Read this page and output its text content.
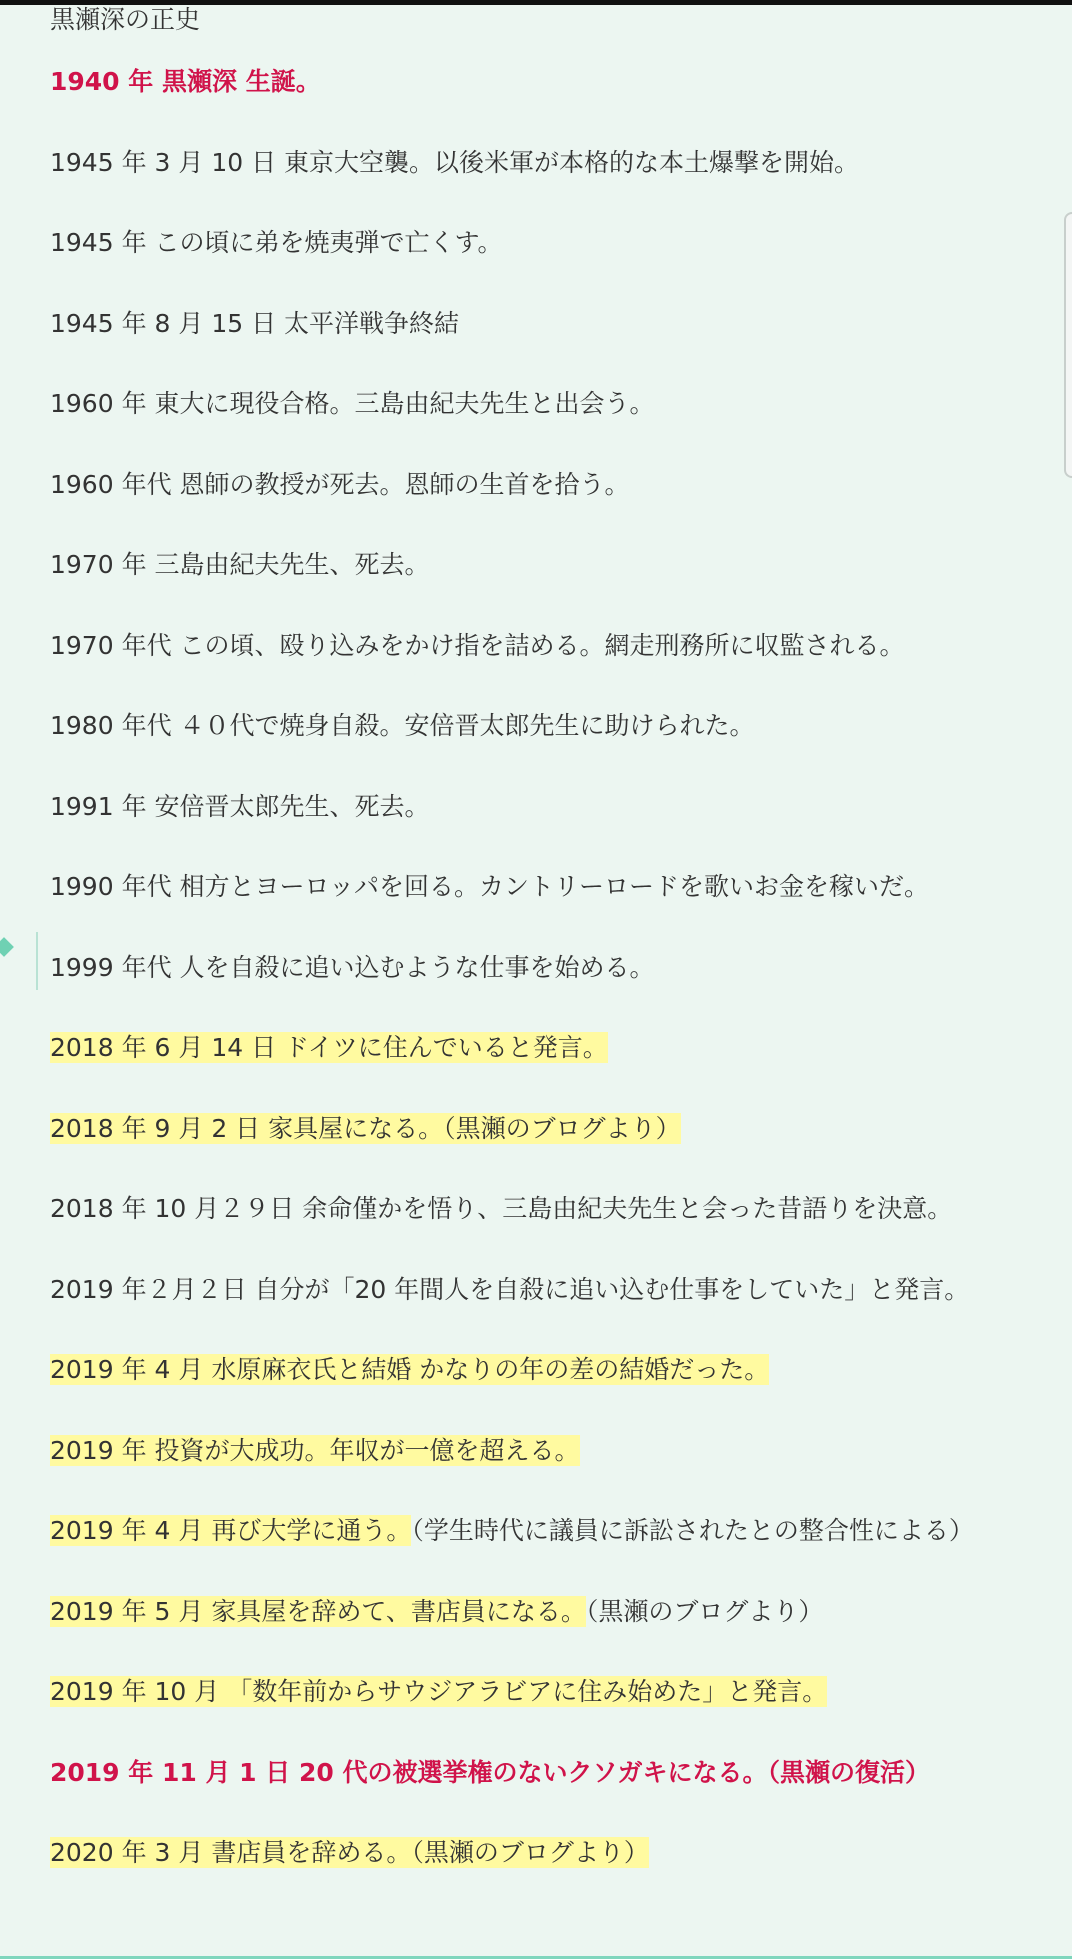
黒瀬深の正史
1940 年 黒瀬深 生誕。
1945 年 3 月 10 日 東京大空襲。以後米軍が本格的な本土爆撃を開始。
1945 年 この頃に弟を焼夷弾で亡くす。
1945 年 8 月 15 日 太平洋戦争終結
1960 年 東大に現役合格。三島由紀夫先生と出会う。
1960 年代 恩師の教授が死去。恩師の生首を拾う。
1970 年 三島由紀夫先生、死去。
1970 年代 この頃、殴り込みをかけ指を詰める。網走刑務所に収監される。
1980 年代 ４０代で焼身自殺。安倍晋太郎先生に助けられた。
1991 年 安倍晋太郎先生、死去。
1990 年代 相方とヨーロッパを回る。カントリーロードを歌いお金を稼いだ。
1999 年代 人を自殺に追い込むような仕事を始める。
2018 年 6 月 14 日 ドイツに住んでいると発言。
2018 年 9 月 2 日 家具屋になる。（黒瀬のブログより）
2018 年 10 月２９日 余命僅かを悟り、三島由紀夫先生と会った昔語りを決意。
2019 年２月２日 自分が「20 年間人を自殺に追い込む仕事をしていた」と発言。
2019 年 4 月 水原麻衣氏と結婚 かなりの年の差の結婚だった。
2019 年 投資が大成功。年収が一億を超える。
2019 年 4 月 再び大学に通う。（学生時代に議員に訴訟されたとの整合性による）
2019 年 5 月 家具屋を辞めて、書店員になる。（黒瀬のブログより）
2019 年 10 月 「数年前からサウジアラビアに住み始めた」と発言。
2019 年 11 月 1 日 20 代の被選挙権のないクソガキになる。（黒瀬の復活）
2020 年 3 月 書店員を辞める。（黒瀬のブログより）
